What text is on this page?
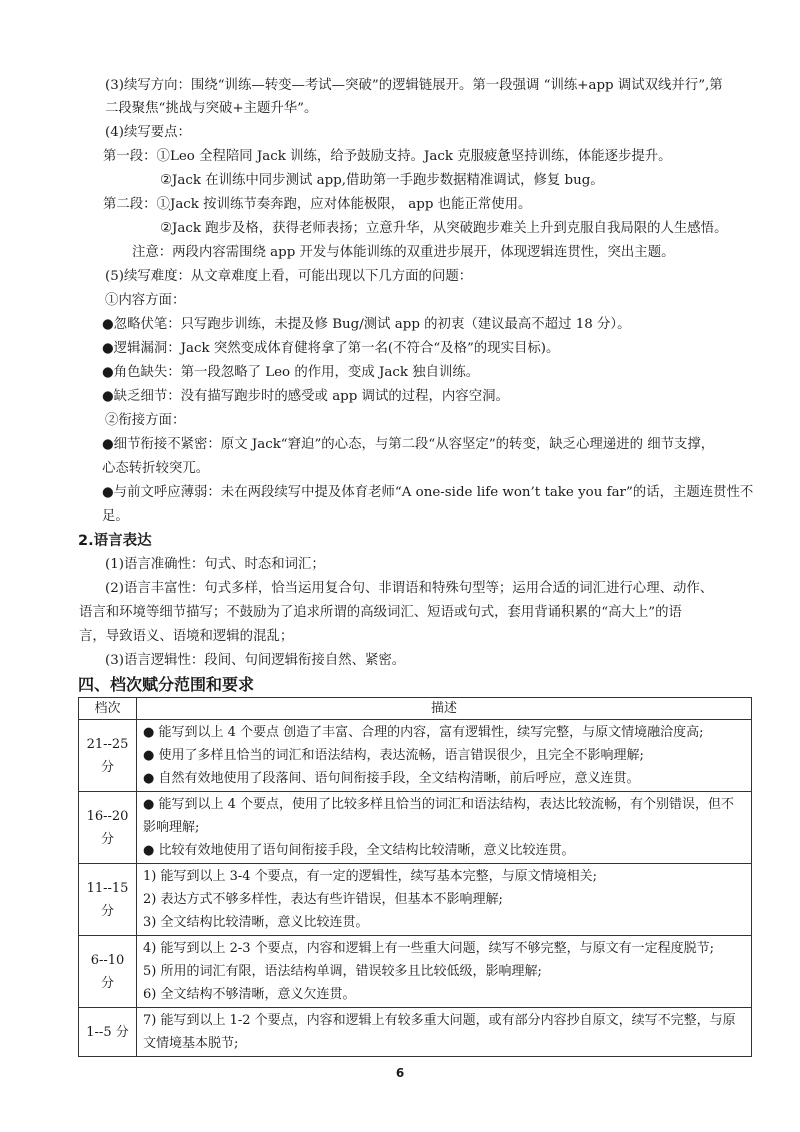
(3)续写方向：围绕“训练—转变—考试—突破”的逻辑链展开。第一段强调 “训练+app 调试双线并行”,第
二段聚焦“挑战与突破+主题升华”。
(4)续写要点：
第一段：①Leo 全程陪同 Jack 训练，给予鼓励支持。Jack 克服疲惫坚持训练，体能逐步提升。
②Jack 在训练中同步测试 app,借助第一手跑步数据精准调试，修复 bug。
第二段：①Jack 按训练节奏奔跑，应对体能极限， app 也能正常使用。
②Jack 跑步及格，获得老师表扬；立意升华，从突破跑步难关上升到克服自我局限的人生感悟。
注意：两段内容需围绕 app 开发与体能训练的双重进步展开，体现逻辑连贯性，突出主题。
(5)续写难度：从文章难度上看，可能出现以下几方面的问题：
①内容方面：
●忽略伏笔：只写跑步训练，未提及修 Bug/测试 app 的初衷（建议最高不超过 18 分）。
●逻辑漏洞：Jack 突然变成体育健将拿了第一名(不符合“及格”的现实目标)。
●角色缺失：第一段忽略了 Leo 的作用，变成 Jack 独自训练。
●缺乏细节：没有描写跑步时的感受或 app 调试的过程，内容空洞。
②衔接方面：
●细节衔接不紧密：原文 Jack“窘迫”的心态，与第二段“从容坚定”的转变，缺乏心理递进的 细节支撑，
心态转折较突兀。
●与前文呼应薄弱：未在两段续写中提及体育老师“A one-side life won’t take you far”的话，主题连贯性不
足。
2.语言表达
(1)语言准确性：句式、时态和词汇；
(2)语言丰富性：句式多样，恰当运用复合句、非谓语和特殊句型等；运用合适的词汇进行心理、动作、
语言和环境等细节描写；不鼓励为了追求所谓的高级词汇、短语或句式，套用背诵积累的“高大上”的语
言，导致语义、语境和逻辑的混乱；
(3)语言逻辑性：段间、句间逻辑衔接自然、紧密。
四、档次赋分范围和要求
档次	描述
21--25 分	● 能写到以上 4 个要点 创造了丰富、合理的内容，富有逻辑性，续写完整，与原文情境融洽度高;
● 使用了多样且恰当的词汇和语法结构，表达流畅，语言错误很少，且完全不影响理解;
● 自然有效地使用了段落间、语句间衔接手段，全文结构清晰，前后呼应，意义连贯。

16--20 分	● 能写到以上 4 个要点，使用了比较多样且恰当的词汇和语法结构，表达比较流畅，有个别错误，但不影响理解;
● 比较有效地使用了语句间衔接手段，全文结构比较清晰，意义比较连贯。

11--15 分	1) 能写到以上 3-4 个要点，有一定的逻辑性，续写基本完整，与原文情境相关;
2) 表达方式不够多样性，表达有些许错误，但基本不影响理解;
3) 全文结构比较清晰，意义比较连贯。

6--10 分	4) 能写到以上 2-3 个要点，内容和逻辑上有一些重大问题，续写不够完整，与原文有一定程度脱节;
5) 所用的词汇有限，语法结构单调，错误较多且比较低级，影响理解;
6) 全文结构不够清晰，意义欠连贯。

1--5 分	7) 能写到以上 1-2 个要点，内容和逻辑上有较多重大问题，或有部分内容抄自原文，续写不完整，与原文情境基本脱节;
6
